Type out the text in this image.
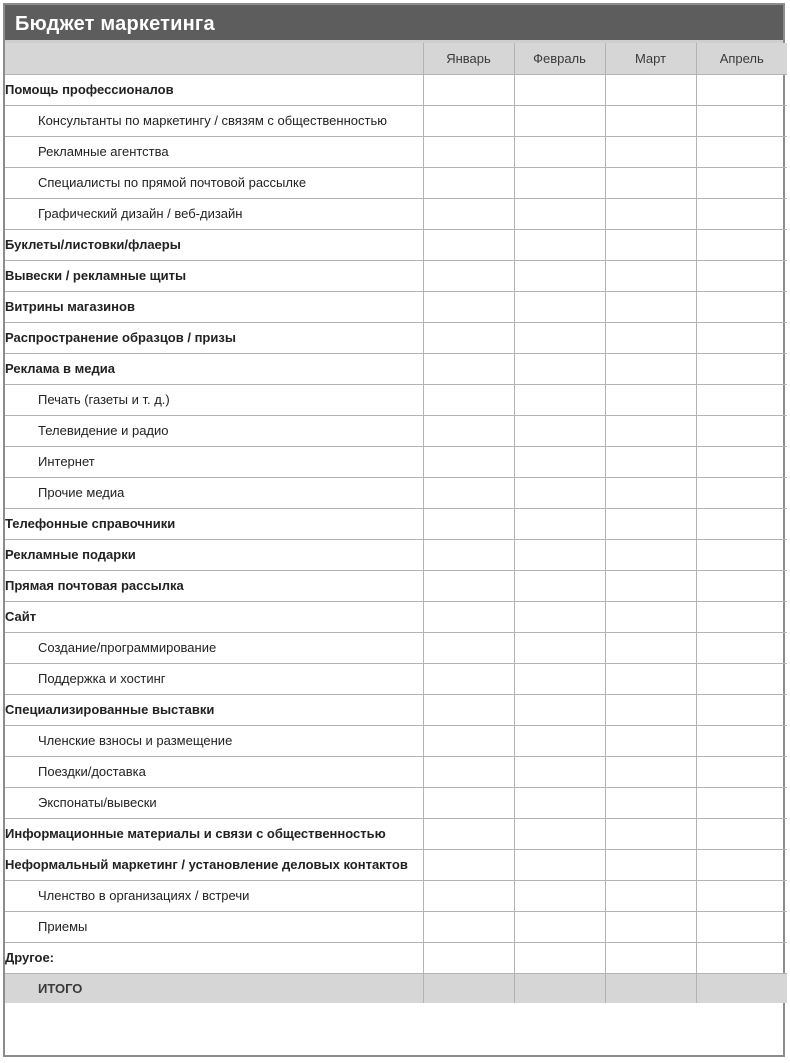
Бюджет маркетинга
	Январь	Февраль	Март	Апрель
Помощь профессионалов				
Консультанты по маркетингу / связям с общественностью				
Рекламные агентства				
Специалисты по прямой почтовой рассылке				
Графический дизайн / веб-дизайн				
Буклеты/листовки/флаеры				
Вывески / рекламные щиты				
Витрины магазинов				
Распространение образцов / призы				
Реклама в медиа				
Печать (газеты и т. д.)				
Телевидение и радио				
Интернет				
Прочие медиа				
Телефонные справочники				
Рекламные подарки				
Прямая почтовая рассылка				
Сайт				
Создание/программирование				
Поддержка и хостинг				
Специализированные выставки				
Членские взносы и размещение				
Поездки/доставка				
Экспонаты/вывески				
Информационные материалы и связи с общественностью				
Неформальный маркетинг / установление деловых контактов				
Членство в организациях / встречи				
Приемы				
Другое:				
ИТОГО				
